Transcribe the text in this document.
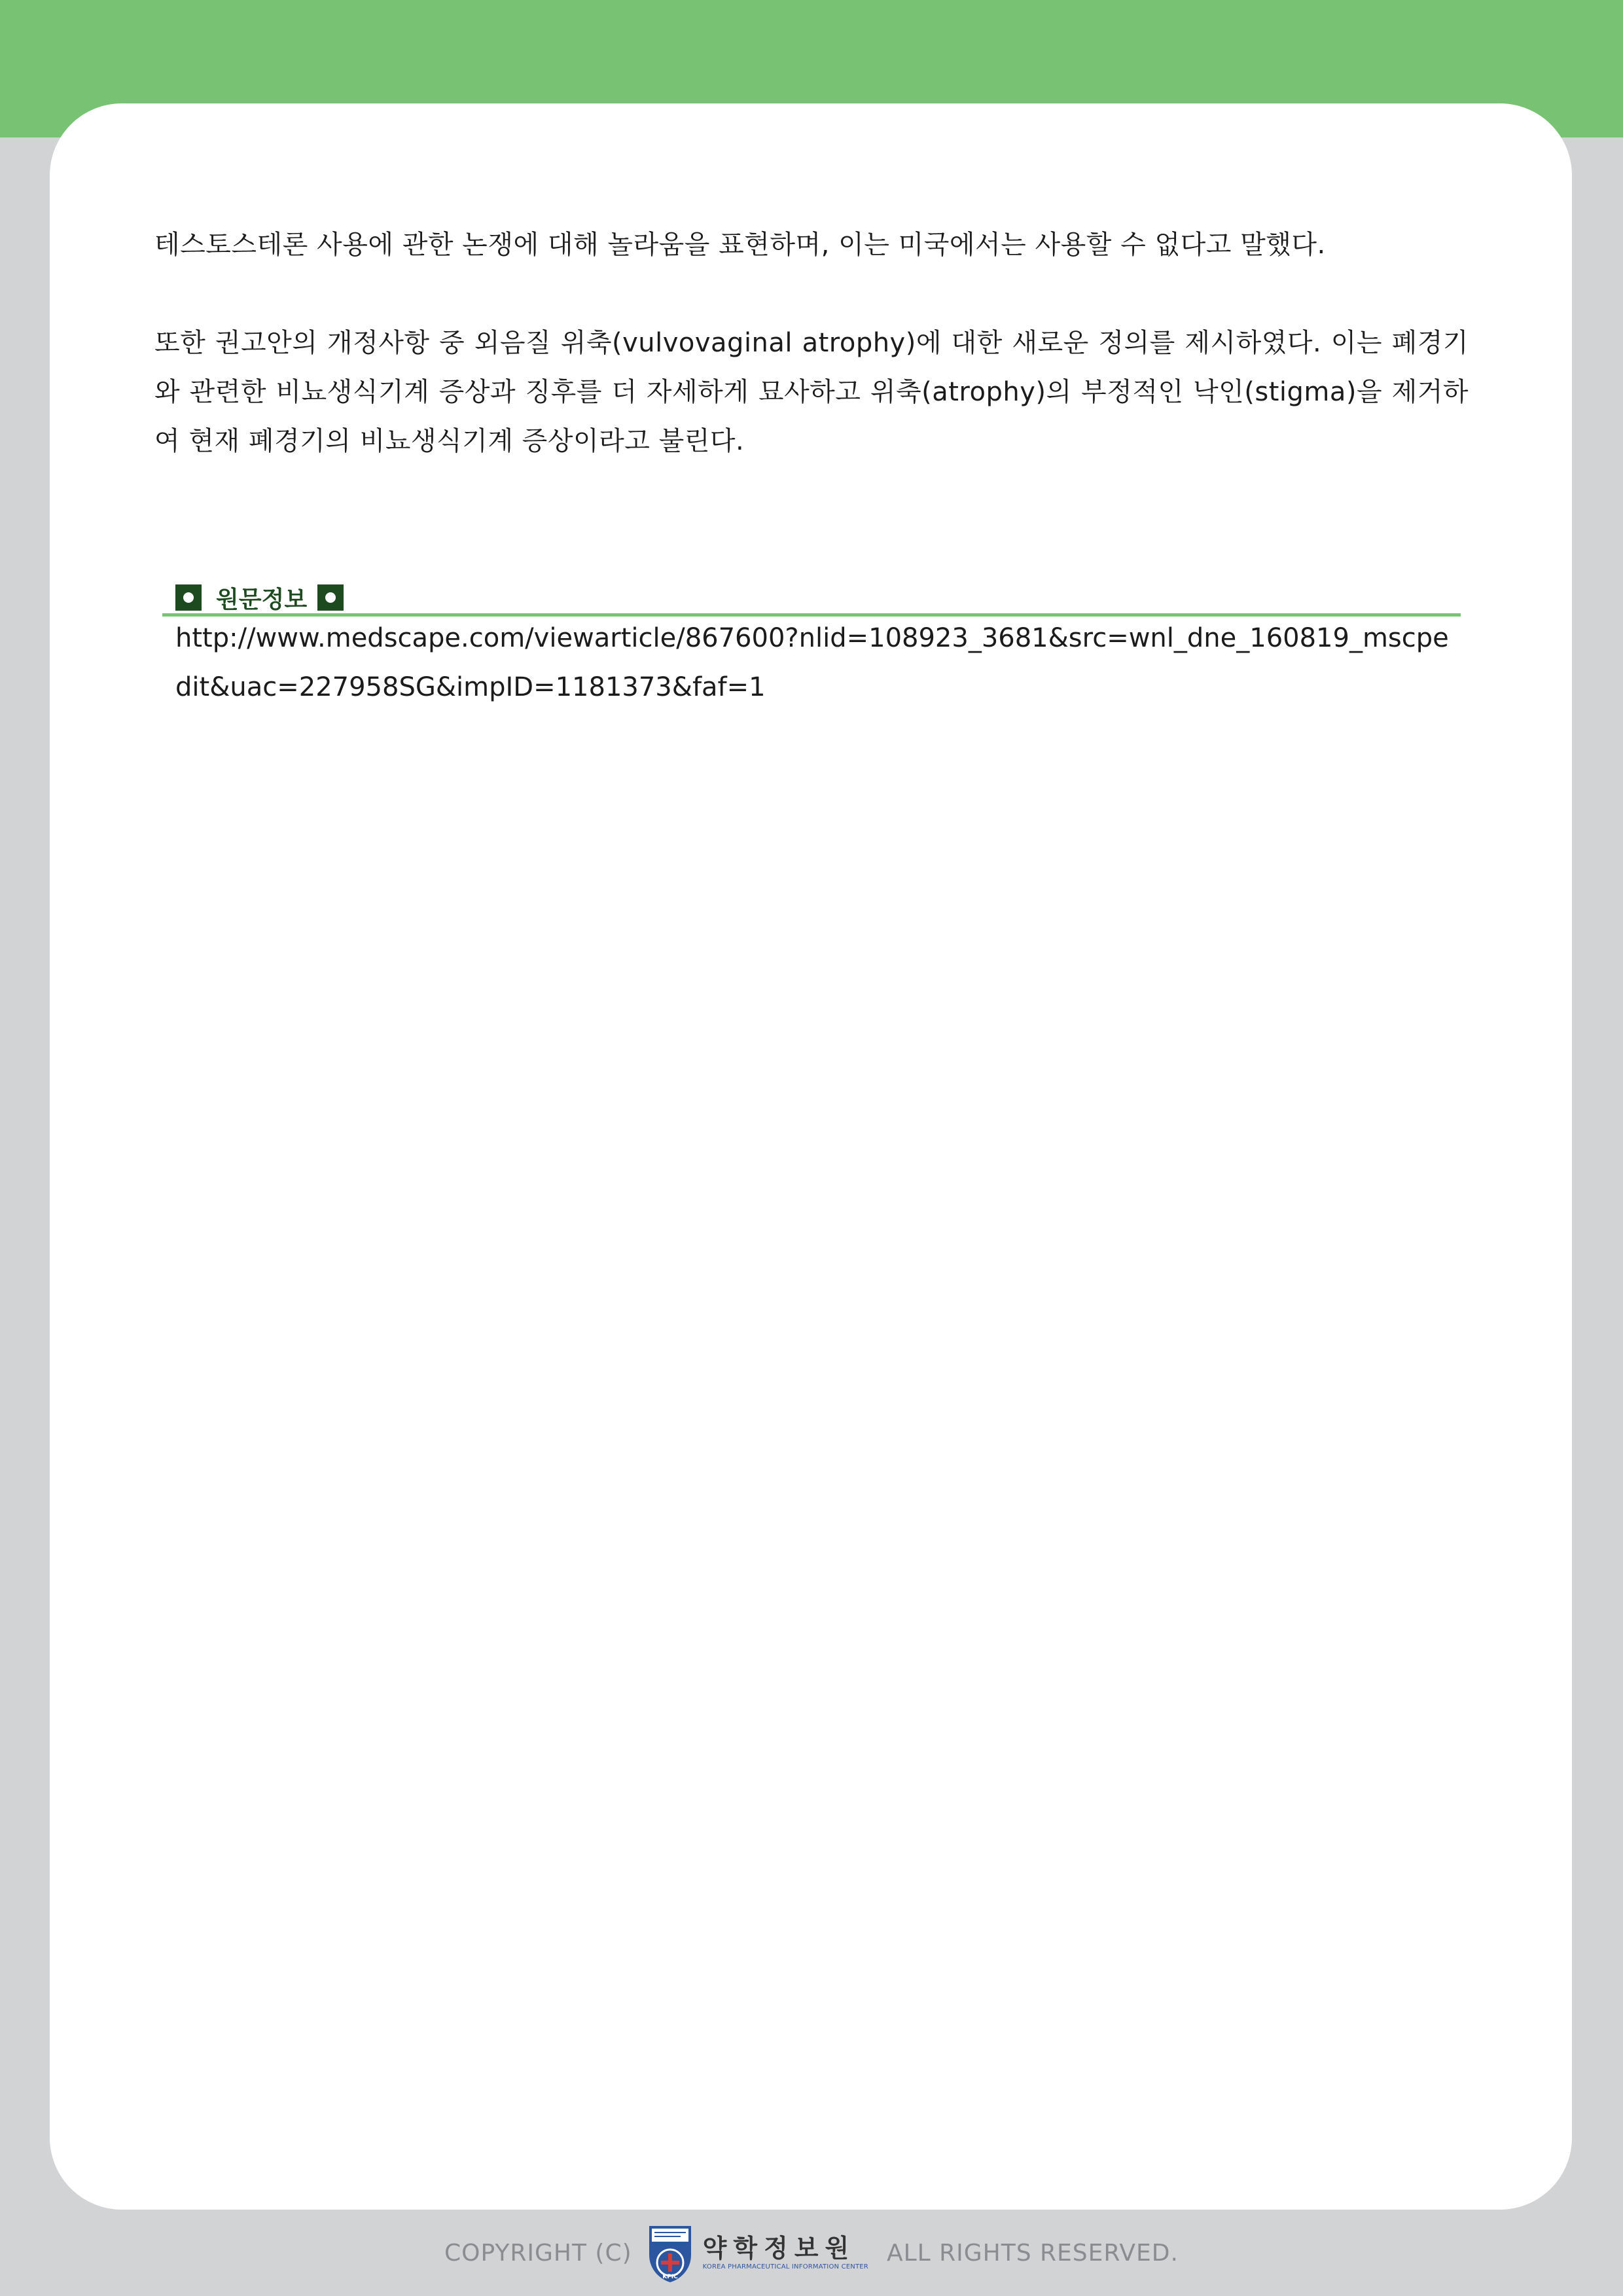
테스토스테론 사용에 관한 논쟁에 대해 놀라움을 표현하며, 이는 미국에서는 사용할 수 없다고 말했다.

또한 권고안의 개정사항 중 외음질 위축(vulvovaginal atrophy)에 대한 새로운 정의를 제시하였다. 이는 폐경기와 관련한 비뇨생식기계 증상과 징후를 더 자세하게 묘사하고 위축(atrophy)의 부정적인 낙인(stigma)을 제거하여 현재 폐경기의 비뇨생식기계 증상이라고 불린다.

원문정보

http://www.medscape.com/viewarticle/867600?nlid=108923_3681&src=wnl_dne_160819_mscpedit&uac=227958SG&impID=1181373&faf=1

COPYRIGHT (C)
KPIC
약학정보원
KOREA PHARMACEUTICAL INFORMATION CENTER
ALL RIGHTS RESERVED.
